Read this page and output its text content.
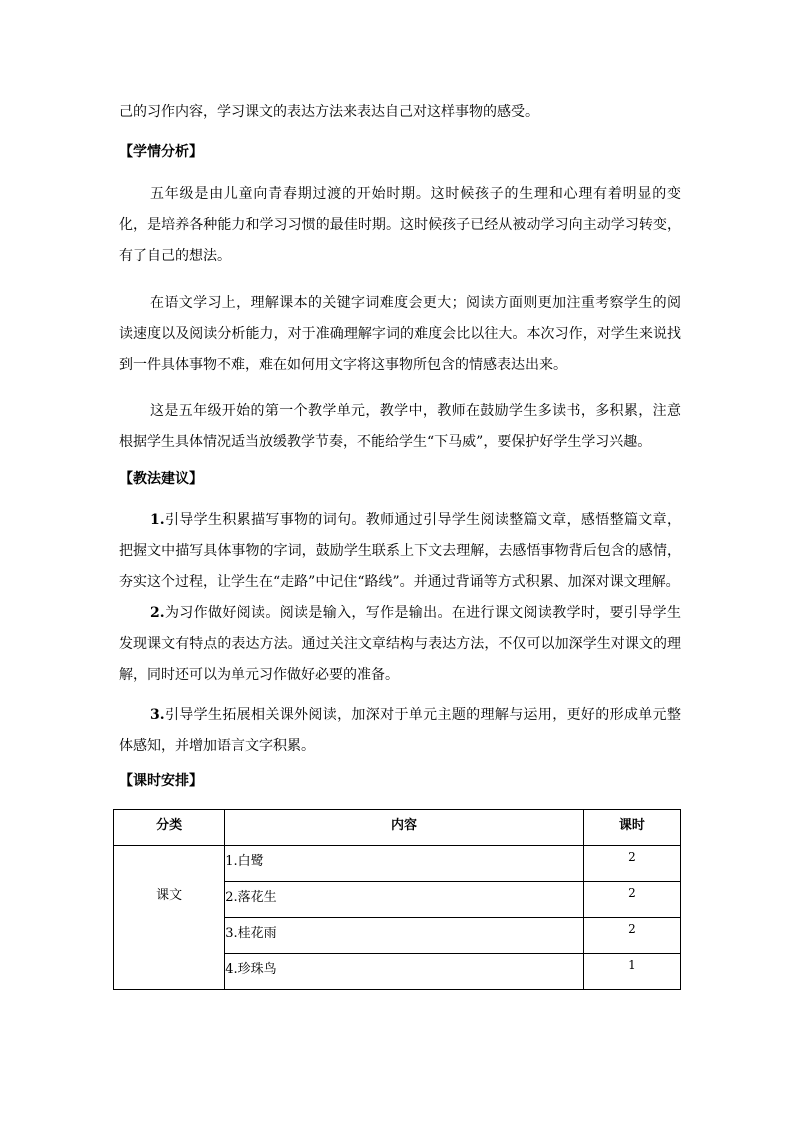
己的习作内容，学习课文的表达方法来表达自己对这样事物的感受。

【学情分析】

五年级是由儿童向青春期过渡的开始时期。这时候孩子的生理和心理有着明显的变化，是培养各种能力和学习习惯的最佳时期。这时候孩子已经从被动学习向主动学习转变，有了自己的想法。

在语文学习上，理解课本的关键字词难度会更大；阅读方面则更加注重考察学生的阅读速度以及阅读分析能力，对于准确理解字词的难度会比以往大。本次习作，对学生来说找到一件具体事物不难，难在如何用文字将这事物所包含的情感表达出来。

这是五年级开始的第一个教学单元，教学中，教师在鼓励学生多读书，多积累，注意根据学生具体情况适当放缓教学节奏，不能给学生“下马威”，要保护好学生学习兴趣。

【教法建议】

1.引导学生积累描写事物的词句。教师通过引导学生阅读整篇文章，感悟整篇文章，把握文中描写具体事物的字词，鼓励学生联系上下文去理解，去感悟事物背后包含的感情，夯实这个过程，让学生在“走路”中记住“路线”。并通过背诵等方式积累、加深对课文理解。

2.为习作做好阅读。阅读是输入，写作是输出。在进行课文阅读教学时，要引导学生发现课文有特点的表达方法。通过关注文章结构与表达方法，不仅可以加深学生对课文的理解，同时还可以为单元习作做好必要的准备。

3.引导学生拓展相关课外阅读，加深对于单元主题的理解与运用，更好的形成单元整体感知，并增加语言文字积累。

【课时安排】

分类	内容	课时
课文	1.白鹭	2
	2.落花生	2
	3.桂花雨	2
	4.珍珠鸟	1
